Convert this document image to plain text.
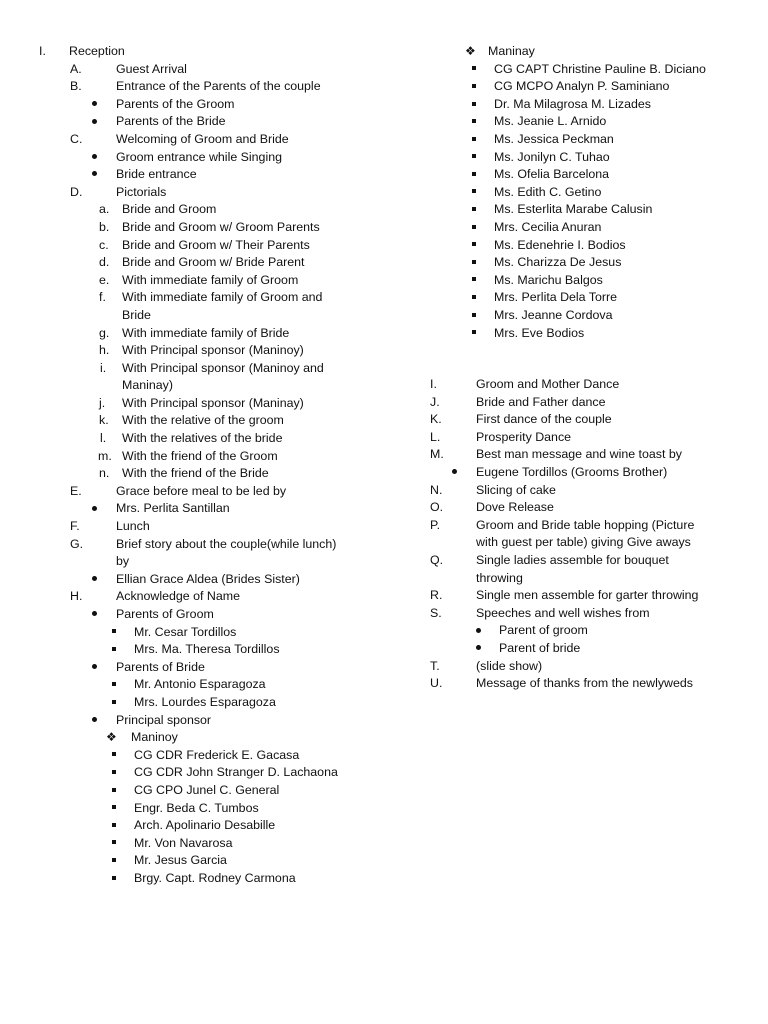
I. Reception
A.	Guest Arrival
B.	Entrance of the Parents of the couple
Parents of the Groom
Parents of the Bride
C.	Welcoming of Groom and Bride
Groom entrance while Singing
Bride entrance
D.	Pictorials
a. Bride and Groom
b. Bride and Groom w/ Groom Parents
c. Bride and Groom w/ Their Parents
d. Bride and Groom w/ Bride Parent
e. With immediate family of Groom
f. With immediate family of Groom and
Bride
g. With immediate family of Bride
h. With Principal sponsor (Maninoy)
i. With Principal sponsor (Maninoy and
Maninay)
j. With Principal sponsor (Maninay)
k. With the relative of the groom
l. With the relatives of the bride
m. With the friend of the Groom
n. With the friend of the Bride
E.	Grace before meal to be led by
Mrs. Perlita Santillan
F.	Lunch
G.	Brief story about the couple(while lunch)
by
Ellian Grace Aldea (Brides Sister)
H.	Acknowledge of Name
Parents of Groom
Mr. Cesar Tordillos
Mrs. Ma. Theresa Tordillos
Parents of Bride
Mr. Antonio Esparagoza
Mrs. Lourdes Esparagoza
Principal sponsor
❖ Maninoy
CG CDR Frederick E. Gacasa
CG CDR John Stranger D. Lachaona
CG CPO Junel C. General
Engr. Beda C. Tumbos
Arch. Apolinario Desabille
Mr. Von Navarosa
Mr. Jesus Garcia
Brgy. Capt. Rodney Carmona
❖ Maninay
CG CAPT Christine Pauline B. Diciano
CG MCPO Analyn P. Saminiano
Dr. Ma Milagrosa M. Lizades
Ms. Jeanie L. Arnido
Ms. Jessica Peckman
Ms. Jonilyn C. Tuhao
Ms. Ofelia Barcelona
Ms. Edith C. Getino
Ms. Esterlita Marabe Calusin
Mrs. Cecilia Anuran
Ms. Edenehrie I. Bodios
Ms. Charizza De Jesus
Ms. Marichu Balgos
Mrs. Perlita Dela Torre
Mrs. Jeanne Cordova
Mrs. Eve Bodios
I.	Groom and Mother Dance
J.	Bride and Father dance
K.	First dance of the couple
L.	Prosperity Dance
M.	Best man message and wine toast by
Eugene Tordillos (Grooms Brother)
N.	Slicing of cake
O.	Dove Release
P.	Groom and Bride table hopping (Picture
with guest per table) giving Give aways
Q.	Single ladies assemble for bouquet
throwing
R.	Single men assemble for garter throwing
S.	Speeches and well wishes from
Parent of groom
Parent of bride
T.	(slide show)
U.	Message of thanks from the newlyweds
